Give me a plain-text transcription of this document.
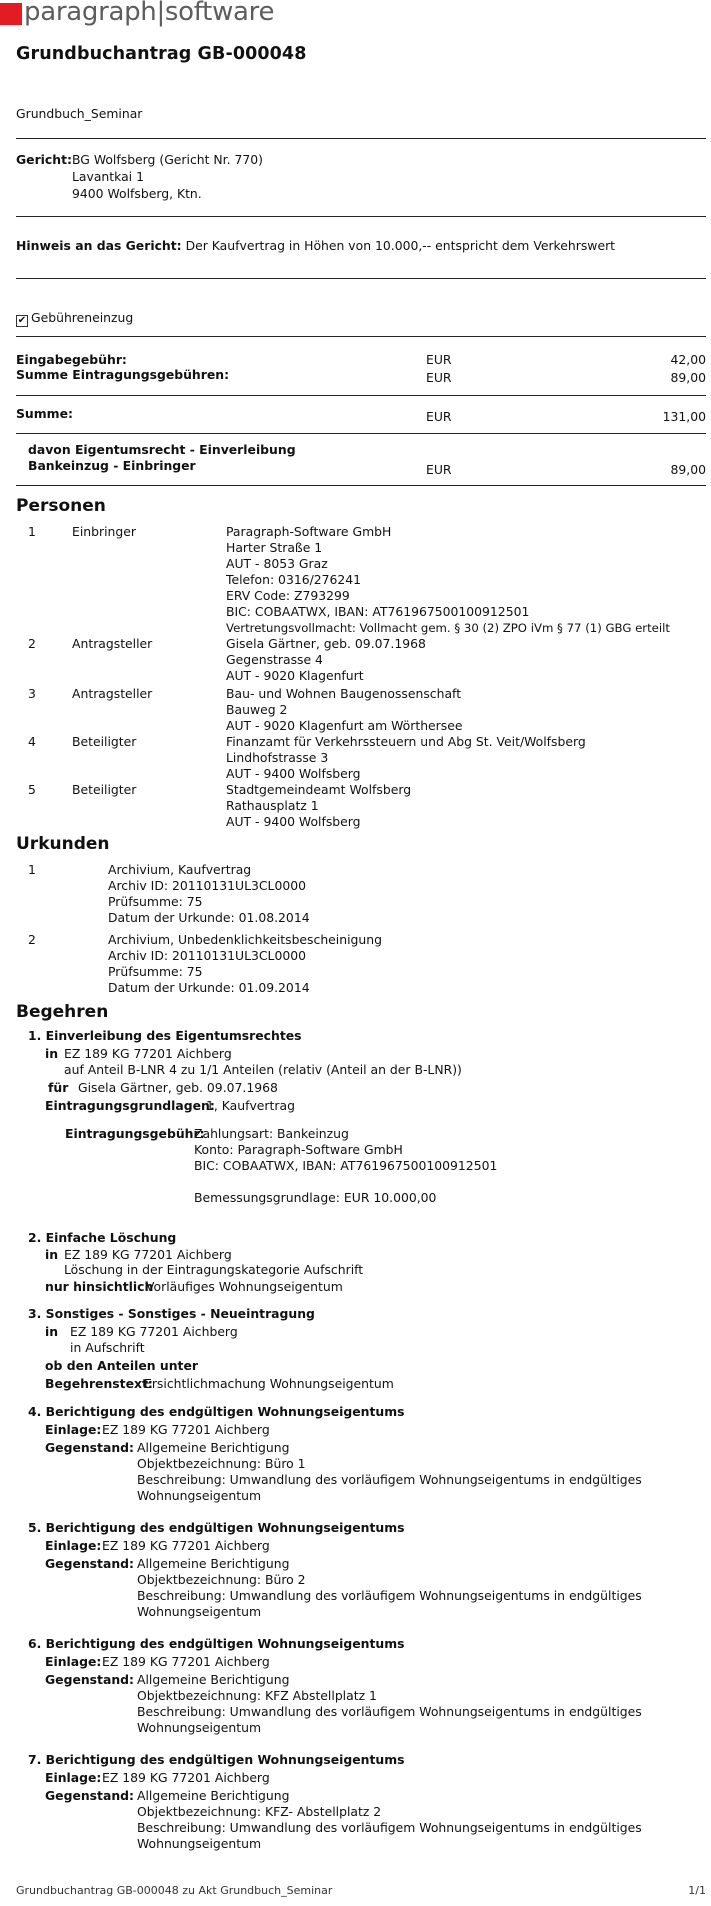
paragraph|software
Grundbuchantrag GB-000048
Grundbuch_Seminar
Gericht: BG Wolfsberg (Gericht Nr. 770)
Lavantkai 1
9400 Wolfsberg, Ktn.
Hinweis an das Gericht: Der Kaufvertrag in Höhen von 10.000,-- entspricht dem Verkehrswert
✔ Gebühreneinzug
Eingabegebühr:	EUR	42,00
Summe Eintragungsgebühren:	EUR	89,00
Summe:	EUR	131,00
davon Eigentumsrecht - Einverleibung
Bankeinzug - Einbringer	EUR	89,00
Personen
1	Einbringer	Paragraph-Software GmbH
Harter Straße 1
AUT - 8053 Graz
Telefon: 0316/276241
ERV Code: Z793299
BIC: COBAATWX, IBAN: AT761967500100912501
Vertretungsvollmacht: Vollmacht gem. § 30 (2) ZPO iVm § 77 (1) GBG erteilt
2	Antragsteller	Gisela Gärtner, geb. 09.07.1968
Gegenstrasse 4
AUT - 9020 Klagenfurt
3	Antragsteller	Bau- und Wohnen Baugenossenschaft
Bauweg 2
AUT - 9020 Klagenfurt am Wörthersee
4	Beteiligter	Finanzamt für Verkehrssteuern und Abg St. Veit/Wolfsberg
Lindhofstrasse 3
AUT - 9400 Wolfsberg
5	Beteiligter	Stadtgemeindeamt Wolfsberg
Rathausplatz 1
AUT - 9400 Wolfsberg
Urkunden
1	Archivium, Kaufvertrag
Archiv ID: 20110131UL3CL0000
Prüfsumme: 75
Datum der Urkunde: 01.08.2014
2	Archivium, Unbedenklichkeitsbescheinigung
Archiv ID: 20110131UL3CL0000
Prüfsumme: 75
Datum der Urkunde: 01.09.2014
Begehren
1. Einverleibung des Eigentumsrechtes
in EZ 189 KG 77201 Aichberg
auf Anteil B-LNR 4 zu 1/1 Anteilen (relativ (Anteil an der B-LNR))
für Gisela Gärtner, geb. 09.07.1968
Eintragungsgrundlagen:
1, Kaufvertrag
Eintragungsgebühr:
Zahlungsart: Bankeinzug
Konto: Paragraph-Software GmbH
BIC: COBAATWX, IBAN: AT761967500100912501
Bemessungsgrundlage: EUR 10.000,00
2. Einfache Löschung
in EZ 189 KG 77201 Aichberg
Löschung in der Eintragungskategorie Aufschrift
nur hinsichtlich
Vorläufiges Wohnungseigentum
3. Sonstiges - Sonstiges - Neueintragung
in EZ 189 KG 77201 Aichberg
in Aufschrift
ob den Anteilen unter
Begehrenstext:
Ersichtlichmachung Wohnungseigentum
4. Berichtigung des endgültigen Wohnungseigentums
Einlage: EZ 189 KG 77201 Aichberg
Gegenstand: Allgemeine Berichtigung
Objektbezeichnung: Büro 1
Beschreibung: Umwandlung des vorläufigem Wohnungseigentums in endgültiges
Wohnungseigentum
5. Berichtigung des endgültigen Wohnungseigentums
Einlage: EZ 189 KG 77201 Aichberg
Gegenstand: Allgemeine Berichtigung
Objektbezeichnung: Büro 2
Beschreibung: Umwandlung des vorläufigem Wohnungseigentums in endgültiges
Wohnungseigentum
6. Berichtigung des endgültigen Wohnungseigentums
Einlage: EZ 189 KG 77201 Aichberg
Gegenstand: Allgemeine Berichtigung
Objektbezeichnung: KFZ Abstellplatz 1
Beschreibung: Umwandlung des vorläufigem Wohnungseigentums in endgültiges
Wohnungseigentum
7. Berichtigung des endgültigen Wohnungseigentums
Einlage: EZ 189 KG 77201 Aichberg
Gegenstand: Allgemeine Berichtigung
Objektbezeichnung: KFZ- Abstellplatz 2
Beschreibung: Umwandlung des vorläufigem Wohnungseigentums in endgültiges
Wohnungseigentum
Grundbuchantrag GB-000048 zu Akt Grundbuch_Seminar	1/1
